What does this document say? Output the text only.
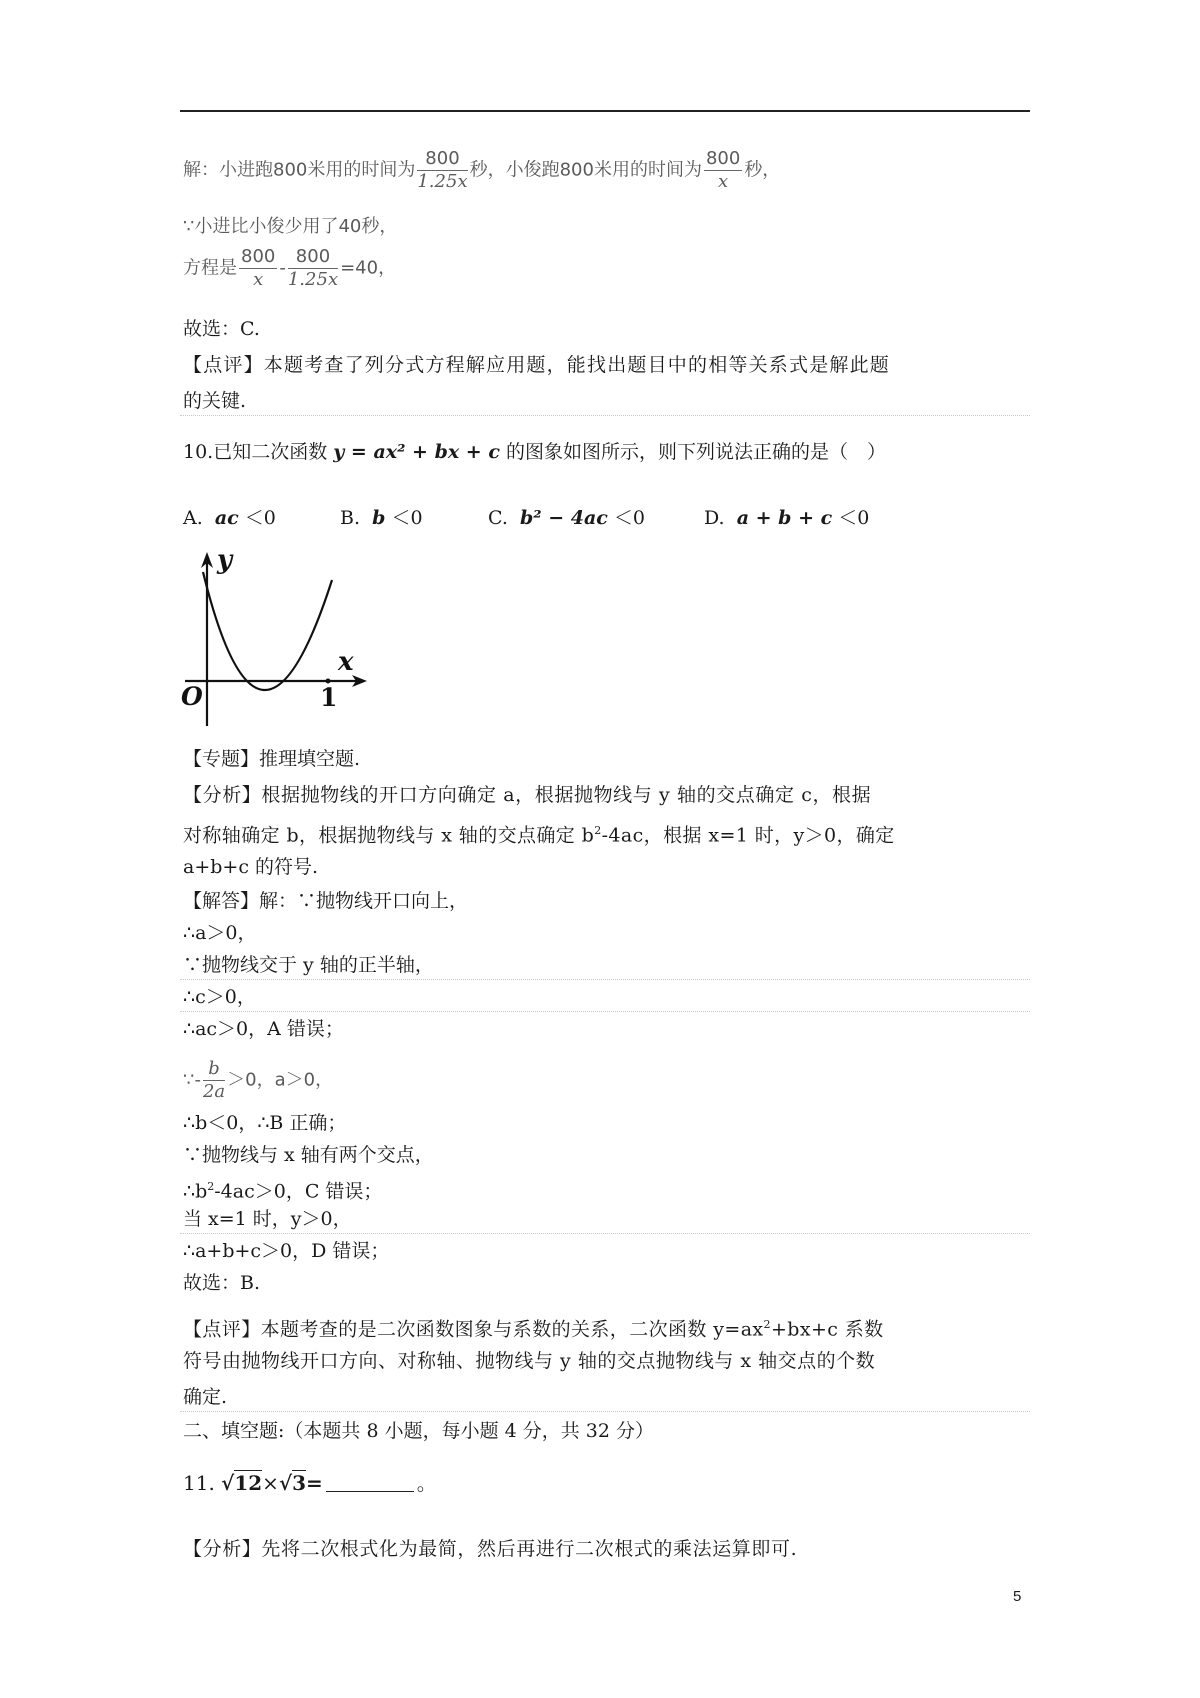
解：小进跑800米用的时间为 $\frac{800}{1.25x}$ 秒，小俊跑800米用的时间为 $\frac{800}{x}$ 秒，
∵小进比小俊少用了40秒，
方程是 $\frac{800}{x} - \frac{800}{1.25x} =40$，
故选：C.
【点评】本题考查了列分式方程解应用题，能找出题目中的相等关系式是解此题
的关键.
10.已知二次函数 y = ax² + bx + c 的图象如图所示，则下列说法正确的是（　）
A. ac ＜0	B. b ＜0	C. b² − 4ac ＜0	D. a + b + c ＜0
y
x
O	1
【专题】推理填空题.
【分析】根据抛物线的开口方向确定 a，根据抛物线与 y 轴的交点确定 c，根据
对称轴确定 b，根据抛物线与 x 轴的交点确定 $b^2-4ac$，根据 x=1 时，y＞0，确定
a+b+c 的符号.
【解答】解：∵抛物线开口向上，
∴a＞0，
∵抛物线交于 y 轴的正半轴，
∴c＞0，
∴ac＞0，A 错误；
∵- $\frac{b}{2a} >0$，a＞0，
∴b＜0，∴B 正确；
∵抛物线与 x 轴有两个交点，
$\therefore b^2-4ac>0$，C 错误；
当 x=1 时，y＞0，
∴a+b+c＞0，D 错误；
故选：B.
【点评】本题考查的是二次函数图象与系数的关系，二次函数 $y=ax^2+bx+c$ 系数
符号由抛物线开口方向、对称轴、抛物线与 y 轴的交点抛物线与 x 轴交点的个数
确定.
二、填空题:（本题共 8 小题，每小题 4 分，共 32 分）
11. √12×√3=	。
【分析】先将二次根式化为最简，然后再进行二次根式的乘法运算即可.
5
